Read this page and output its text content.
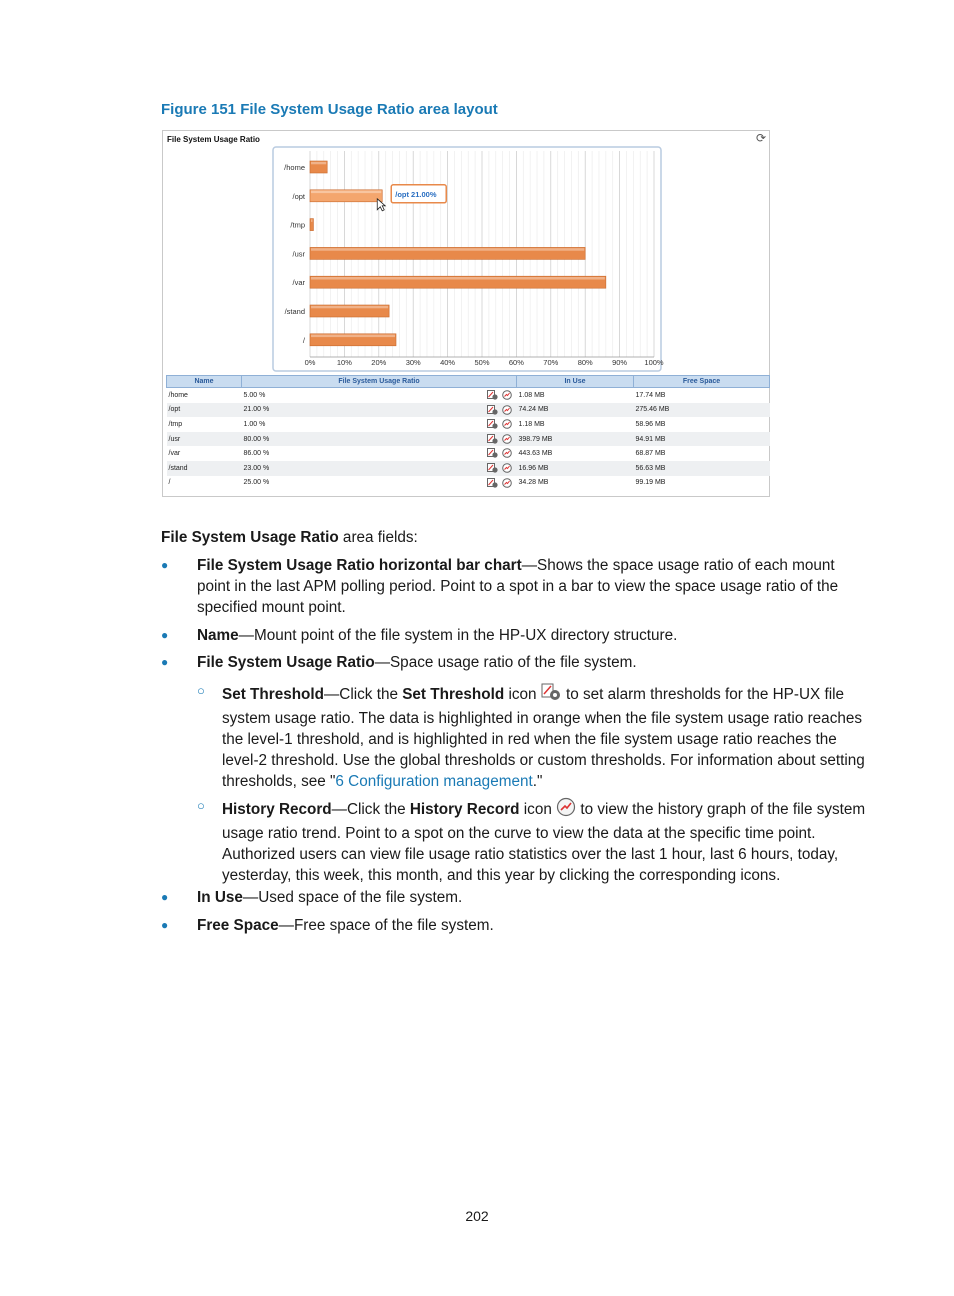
Figure 151 File System Usage Ratio area layout
0%	10%	20%	30%	40%	50%	60%	70%	80%	90% 100%
/home
/opt	/opt 21.00%
/tmp
/usr
/var
/stand
/
File System Usage Ratio	⟳
Name	File System Usage Ratio	In Use	Free Space
/home	5.00 %	1.08 MB	17.74 MB
/opt	21.00 %	74.24 MB	275.46 MB
/tmp	1.00 %	1.18 MB	58.96 MB
/usr	80.00 %	398.79 MB	94.91 MB
/var	86.00 %	443.63 MB	68.87 MB
/stand	23.00 %	16.96 MB	56.63 MB
/	25.00 %	34.28 MB	99.19 MB
File System Usage Ratio area fields:
● File System Usage Ratio horizontal bar chart—Shows the space usage ratio of each mount point in the last APM polling period. Point to a spot in a bar to view the space usage ratio of the specified mount point.
● Name—Mount point of the file system in the HP-UX directory structure.
● File System Usage Ratio—Space usage ratio of the file system.
○ Set Threshold—Click the Set Threshold icon  to set alarm thresholds for the HP-UX file system usage ratio. The data is highlighted in orange when the file system usage ratio reaches the level-1 threshold, and is highlighted in red when the file system usage ratio reaches the level-2 threshold. Use the global thresholds or custom thresholds. For information about setting thresholds, see "6 Configuration management."
○ History Record—Click the History Record icon  to view the history graph of the file system usage ratio trend. Point to a spot on the curve to view the data at the specific time point. Authorized users can view file usage ratio statistics over the last 1 hour, last 6 hours, today, yesterday, this week, this month, and this year by clicking the corresponding icons.
● In Use—Used space of the file system.
● Free Space—Free space of the file system.
202
